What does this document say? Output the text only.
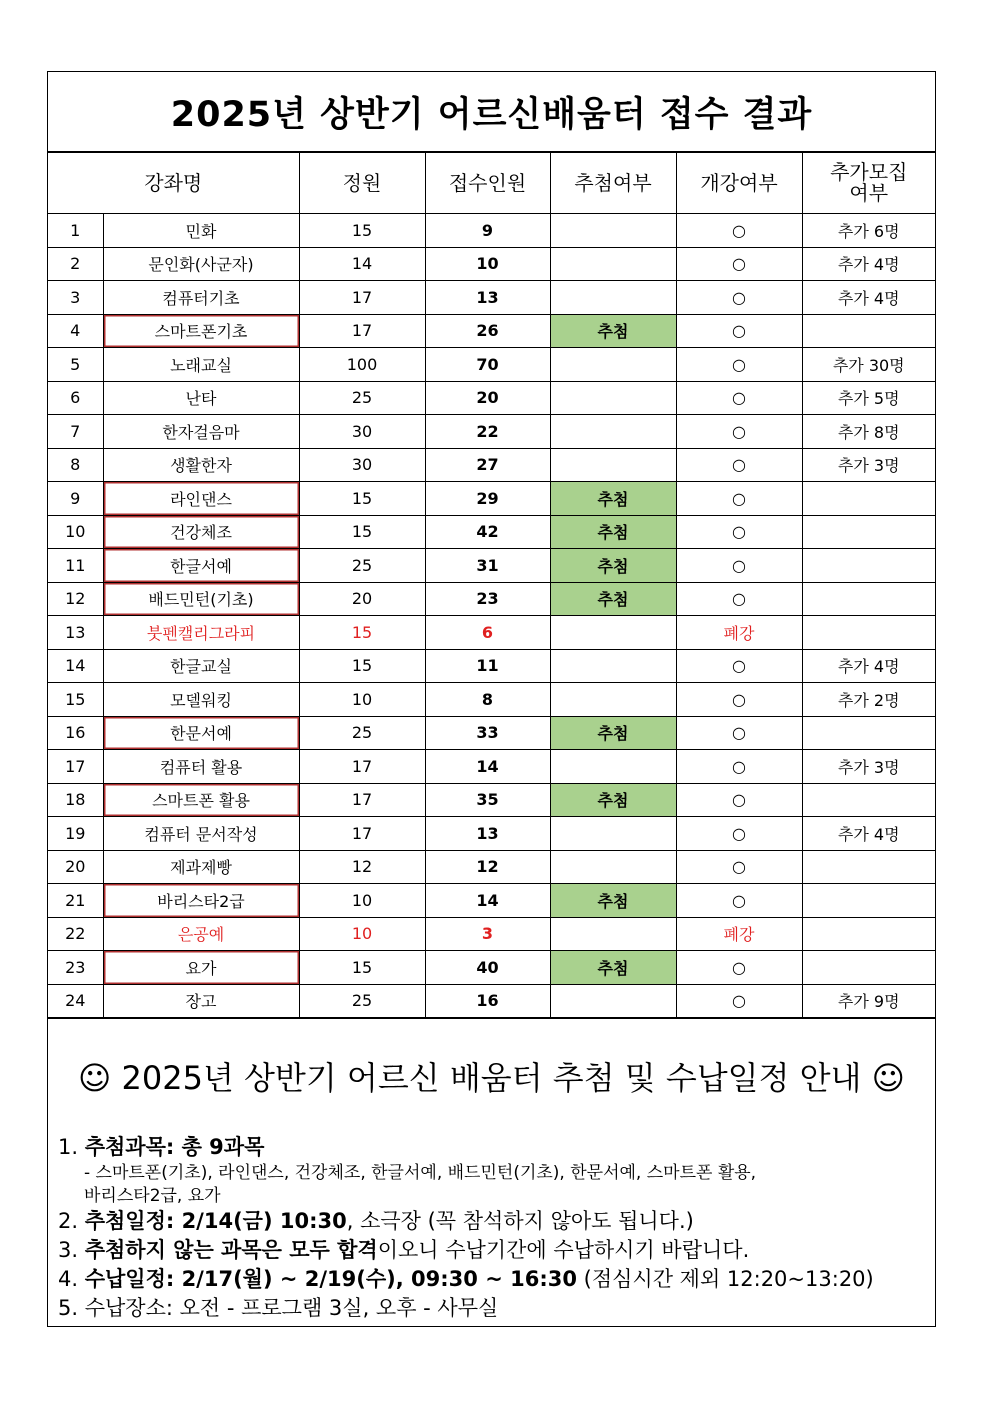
2025년 상반기 어르신배움터 접수 결과
강좌명		정원	접수인원	추첨여부	개강여부	추가모집
여부
1	민화	15	9		○	추가 6명
2	문인화(사군자)	14	10		○	추가 4명
3	컴퓨터기초	17	13		○	추가 4명
4	스마트폰기초	17	26	추첨	○	
5	노래교실	100	70		○	추가 30명
6	난타	25	20		○	추가 5명
7	한자걸음마	30	22		○	추가 8명
8	생활한자	30	27		○	추가 3명
9	라인댄스	15	29	추첨	○	
10	건강체조	15	42	추첨	○	
11	한글서예	25	31	추첨	○	
12	배드민턴(기초)	20	23	추첨	○	
13	붓펜캘리그라피	15	6		폐강	
14	한글교실	15	11		○	추가 4명
15	모델워킹	10	8		○	추가 2명
16	한문서예	25	33	추첨	○	
17	컴퓨터 활용	17	14		○	추가 3명
18	스마트폰 활용	17	35	추첨	○	
19	컴퓨터 문서작성	17	13		○	추가 4명
20	제과제빵	12	12		○	
21	바리스타2급	10	14	추첨	○	
22	은공예	10	3		폐강	
23	요가	15	40	추첨	○	
24	장고	25	16		○	추가 9명
☺ 2025년 상반기 어르신 배움터 추첨 및 수납일정 안내 ☺
1. 추첨과목: 총 9과목
- 스마트폰(기초), 라인댄스, 건강체조, 한글서예, 배드민턴(기초), 한문서예, 스마트폰 활용,
바리스타2급, 요가
2. 추첨일정: 2/14(금) 10:30, 소극장 (꼭 참석하지 않아도 됩니다.)
3. 추첨하지 않는 과목은 모두 합격이오니 수납기간에 수납하시기 바랍니다.
4. 수납일정: 2/17(월) ~ 2/19(수), 09:30 ~ 16:30 (점심시간 제외 12:20~13:20)
5. 수납장소: 오전 - 프로그램 3실, 오후 - 사무실
